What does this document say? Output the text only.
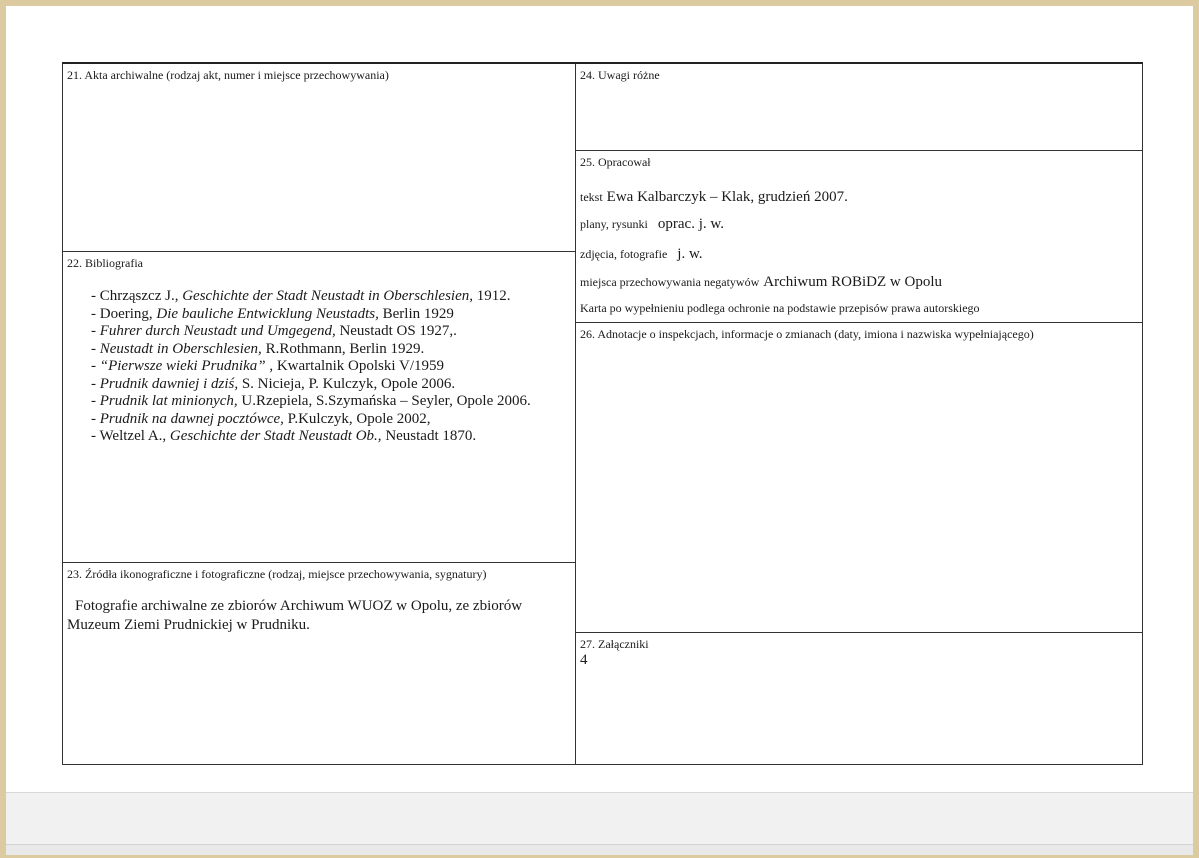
21. Akta archiwalne (rodzaj akt, numer i miejsce przechowywania)
22. Bibliografia
- Chrząszcz J., Geschichte der Stadt Neustadt in Oberschlesien, 1912.
- Doering, Die bauliche Entwicklung Neustadts, Berlin 1929
- Fuhrer durch Neustadt und Umgegend, Neustadt OS 1927,.
- Neustadt in Oberschlesien, R.Rothmann, Berlin 1929.
- “Pierwsze wieki Prudnika” , Kwartalnik Opolski V/1959
- Prudnik dawniej i dziś, S. Nicieja, P. Kulczyk, Opole 2006.
- Prudnik lat minionych, U.Rzepiela, S.Szymańska – Seyler, Opole 2006.
- Prudnik na dawnej pocztówce, P.Kulczyk, Opole 2002,
- Weltzel A., Geschichte der Stadt Neustadt Ob., Neustadt 1870.
23. Źródła ikonograficzne i fotograficzne (rodzaj, miejsce przechowywania, sygnatury)
Fotografie archiwalne ze zbiorów Archiwum WUOZ w Opolu, ze zbiorów Muzeum Ziemi Prudnickiej w Prudniku.
24. Uwagi różne
25. Opracował
tekst Ewa Kalbarczyk – Klak, grudzień 2007.
plany, rysunki oprac. j. w.
zdjęcia, fotografie j. w.
miejsca przechowywania negatywów Archiwum ROBiDZ w Opolu
Karta po wypełnieniu podlega ochronie na podstawie przepisów prawa autorskiego
26. Adnotacje o inspekcjach, informacje o zmianach (daty, imiona i nazwiska wypełniającego)
27. Załączniki
4
